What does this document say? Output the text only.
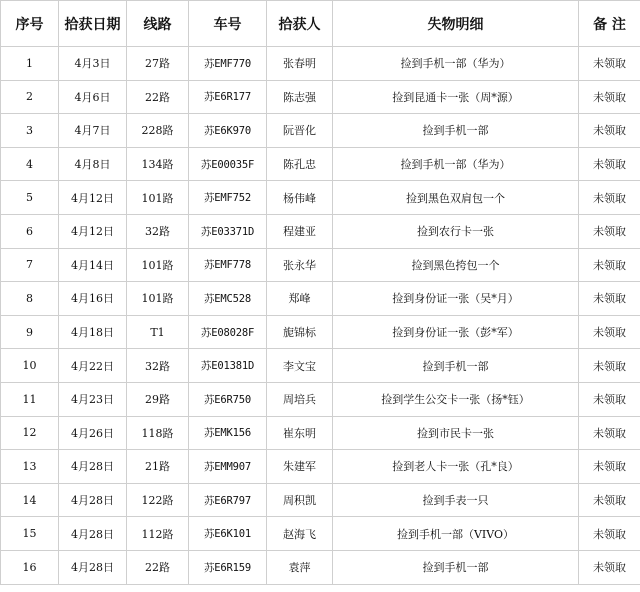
序号	拾获日期	线路	车号	拾获人	失物明细	备 注
1	4月3日	27路	苏EMF770	张春明	捡到手机一部（华为）	未领取
2	4月6日	22路	苏E6R177	陈志强	捡到昆通卡一张（周*源）	未领取
3	4月7日	228路	苏E6K970	阮晋化	捡到手机一部	未领取
4	4月8日	134路	苏E00035F	陈孔忠	捡到手机一部（华为）	未领取
5	4月12日	101路	苏EMF752	杨伟峰	捡到黑色双肩包一个	未领取
6	4月12日	32路	苏E03371D	程建亚	捡到农行卡一张	未领取
7	4月14日	101路	苏EMF778	张永华	捡到黑色挎包一个	未领取
8	4月16日	101路	苏EMC528	郑峰	捡到身份证一张（吴*月）	未领取
9	4月18日	T1	苏E08028F	旎锦标	捡到身份证一张（彭*军）	未领取
10	4月22日	32路	苏E01381D	李文宝	捡到手机一部	未领取
11	4月23日	29路	苏E6R750	周培兵	捡到学生公交卡一张（扬*钰）	未领取
12	4月26日	118路	苏EMK156	崔东明	捡到市民卡一张	未领取
13	4月28日	21路	苏EMM907	朱建军	捡到老人卡一张（孔*良）	未领取
14	4月28日	122路	苏E6R797	周积凯	捡到手表一只	未领取
15	4月28日	112路	苏E6K101	赵海飞	捡到手机一部（VIVO）	未领取
16	4月28日	22路	苏E6R159	袁萍	捡到手机一部	未领取
